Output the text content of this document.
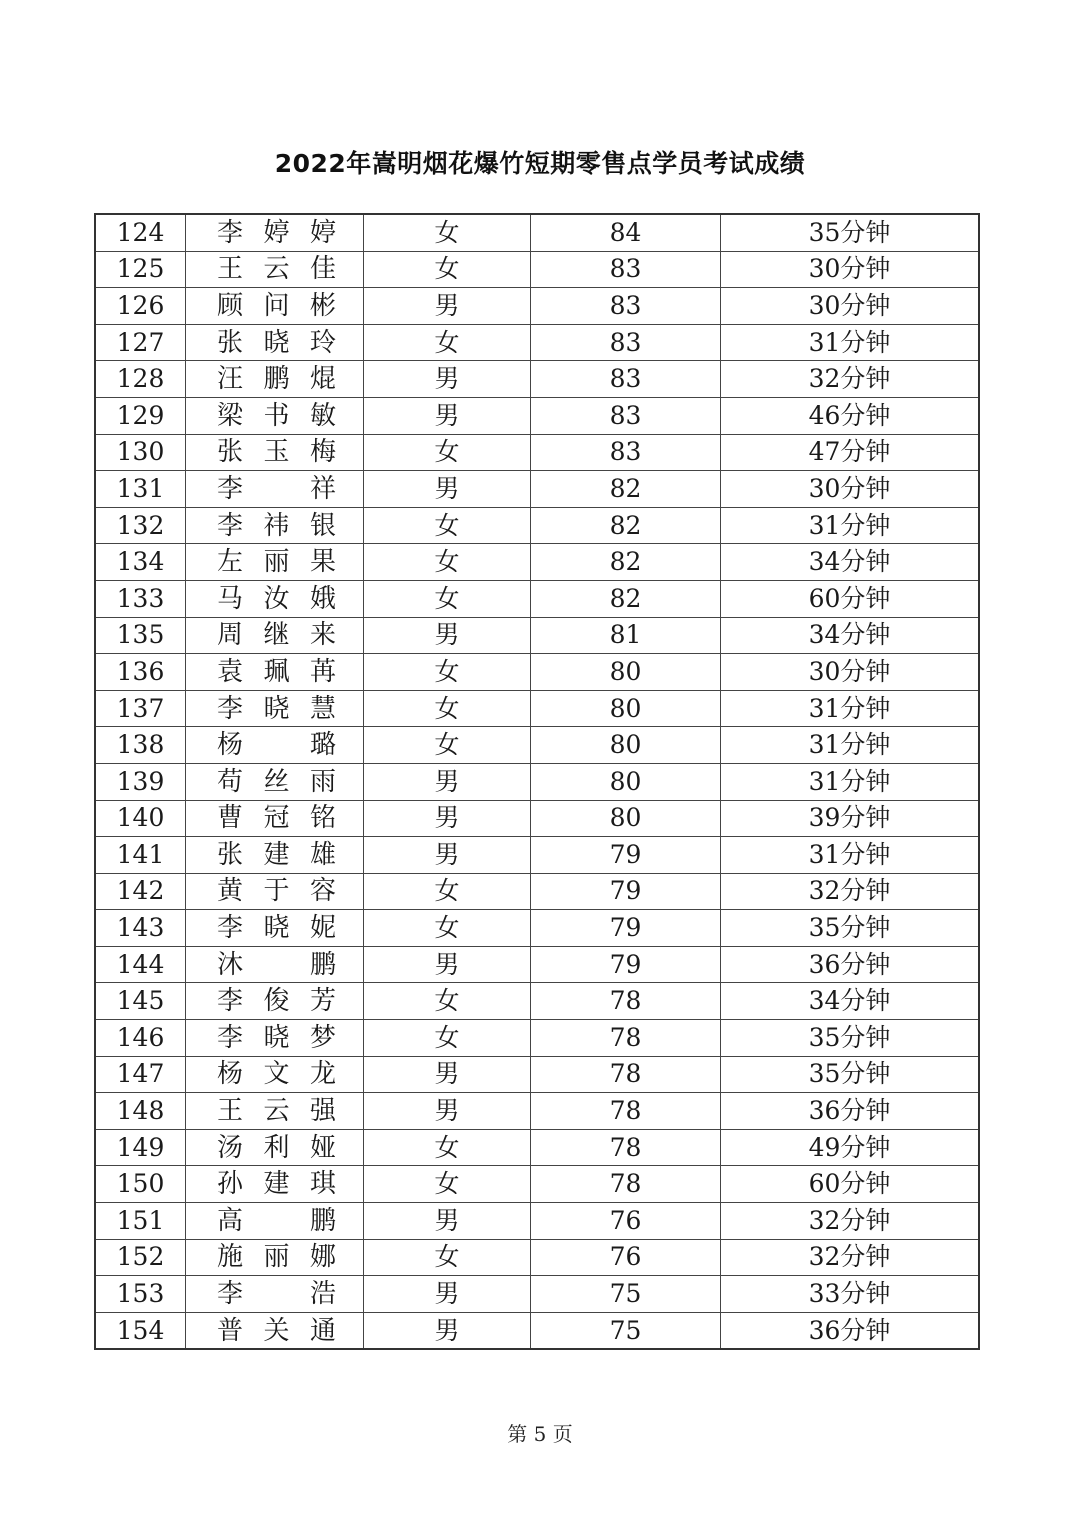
2022年嵩明烟花爆竹短期零售点学员考试成绩
124	李 婷 婷	女	84	35分钟
125	王 云 佳	女	83	30分钟
126	顾 问 彬	男	83	30分钟
127	张 晓 玲	女	83	31分钟
128	汪 鹏 焜	男	83	32分钟
129	梁 书 敏	男	83	46分钟
130	张 玉 梅	女	83	47分钟
131	李 祥	男	82	30分钟
132	李 祎 银	女	82	31分钟
134	左 丽 果	女	82	34分钟
133	马 汝 娥	女	82	60分钟
135	周 继 来	男	81	34分钟
136	袁 珮 苒	女	80	30分钟
137	李 晓 慧	女	80	31分钟
138	杨 璐	女	80	31分钟
139	苟 丝 雨	男	80	31分钟
140	曹 冠 铭	男	80	39分钟
141	张 建 雄	男	79	31分钟
142	黄 于 容	女	79	32分钟
143	李 晓 妮	女	79	35分钟
144	沐 鹏	男	79	36分钟
145	李 俊 芳	女	78	34分钟
146	李 晓 梦	女	78	35分钟
147	杨 文 龙	男	78	35分钟
148	王 云 强	男	78	36分钟
149	汤 利 娅	女	78	49分钟
150	孙 建 琪	女	78	60分钟
151	高 鹏	男	76	32分钟
152	施 丽 娜	女	76	32分钟
153	李 浩	男	75	33分钟
154	普 关 通	男	75	36分钟
第 5 页
